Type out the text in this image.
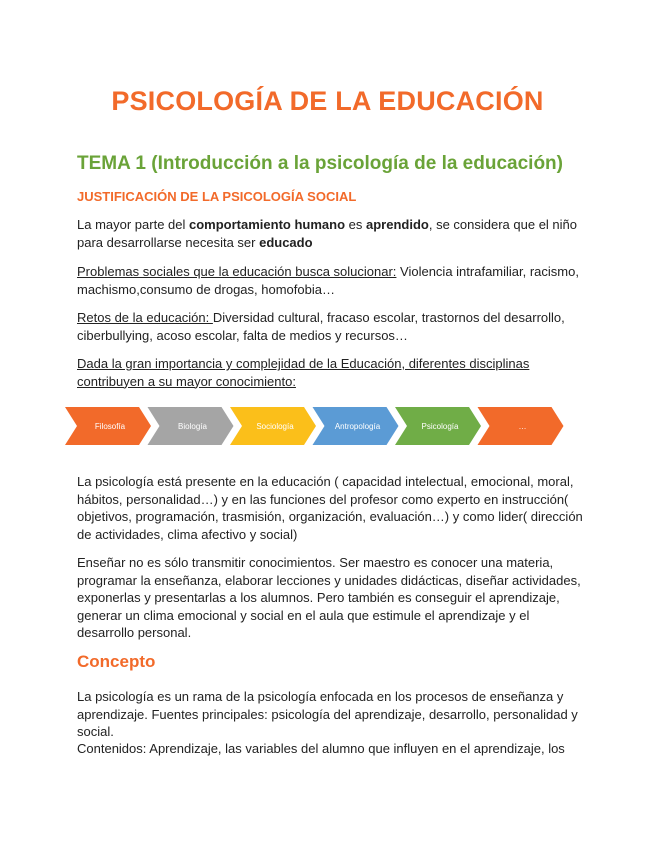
PSICOLOGÍA DE LA EDUCACIÓN
TEMA 1 (Introducción a la psicología de la educación)
JUSTIFICACIÓN DE LA PSICOLOGÍA SOCIAL

La mayor parte del comportamiento humano es aprendido, se considera que el niño para desarrollarse necesita ser educado

Problemas sociales que la educación busca solucionar: Violencia intrafamiliar, racismo, machismo,consumo de drogas, homofobia…

Retos de la educación: Diversidad cultural, fracaso escolar, trastornos del desarrollo, ciberbullying, acoso escolar, falta de medios y recursos…

Dada la gran importancia y complejidad de la Educación, diferentes disciplinas contribuyen a su mayor conocimiento:

Filosofía	Biología	Sociología	Antropología	Psicología	…

La psicología está presente en la educación ( capacidad intelectual, emocional, moral, hábitos, personalidad…) y en las funciones del profesor como experto en instrucción( objetivos, programación, trasmisión, organización, evaluación…) y como lider( dirección de actividades, clima afectivo y social)

Enseñar no es sólo transmitir conocimientos. Ser maestro es conocer una materia, programar la enseñanza, elaborar lecciones y unidades didácticas, diseñar actividades, exponerlas y presentarlas a los alumnos. Pero también es conseguir el aprendizaje, generar un clima emocional y social en el aula que estimule el aprendizaje y el desarrollo personal.

Concepto

La psicología es un rama de la psicología enfocada en los procesos de enseñanza y aprendizaje. Fuentes principales: psicología del aprendizaje, desarrollo, personalidad y social.

Contenidos: Aprendizaje, las variables del alumno que influyen en el aprendizaje, los
